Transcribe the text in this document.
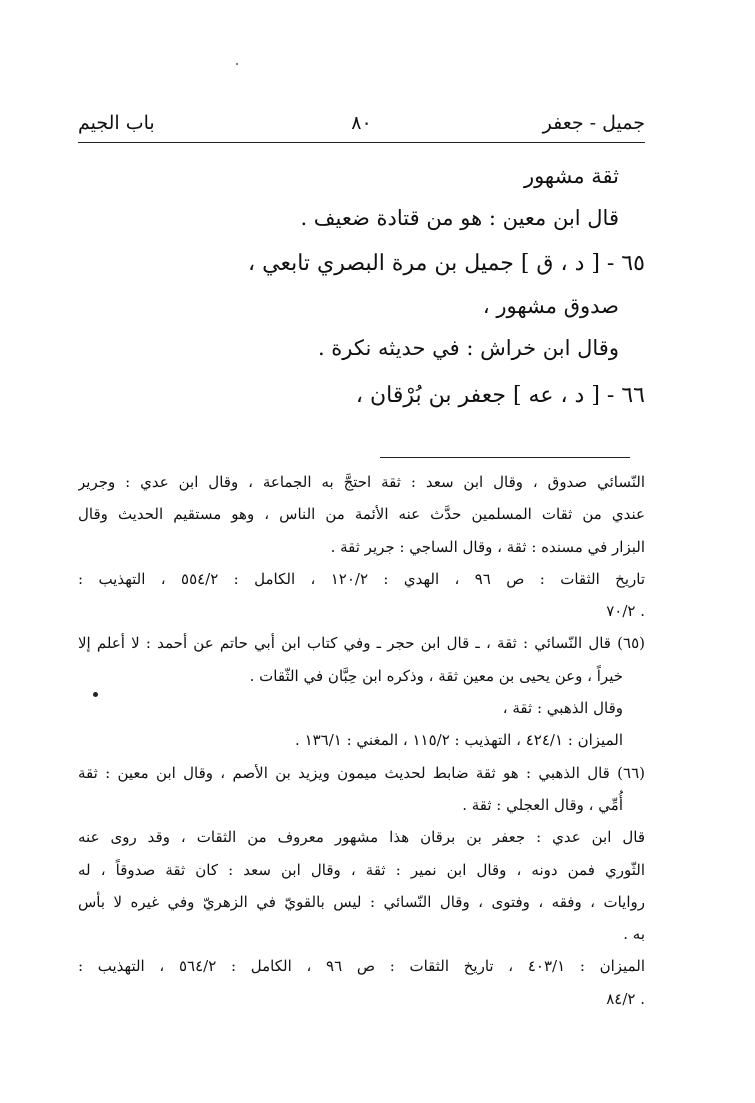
جميل - جعفر
٨٠
باب الجيم
ثقة مشهور
قال ابن معين : هو من قتادة ضعيف .
٦٥ - [ د ، ق ] جميل بن مرة البصري تابعي ،
صدوق مشهور ،
وقال ابن خراش : في حديثه نكرة .
٦٦ - [ د ، عه ] جعفر بن بُرْقان ،
النّسائي صدوق ، وقال ابن سعد : ثقة احتجَّ به الجماعة ، وقال ابن عدي : وجرير
عندي من ثقات المسلمين حدَّث عنه الأئمة من الناس ، وهو مستقيم الحديث وقال
البزار في مسنده : ثقة ، وقال الساجي : جرير ثقة .
تاريخ الثقات : ص ٩٦ ، الهدي : ١٢٠/٢ ، الكامل : ٥٥٤/٢ ، التهذيب :
. ٧٠/٢
(٦٥) قال النّسائي : ثقة ، ـ قال ابن حجر ـ وفي كتاب ابن أبي حاتم عن أحمد : لا أعلم إلا
خيراً ، وعن يحيى بن معين ثقة ، وذكره ابن حِبَّان في الثّقات .
وقال الذهبي : ثقة ،
الميزان : ٤٢٤/١ ، التهذيب : ١١٥/٢ ، المغني : ١٣٦/١ .
(٦٦) قال الذهبي : هو ثقة ضابط لحديث ميمون ويزيد بن الأصم ، وقال ابن معين : ثقة
أُمِّي ، وقال العجلي : ثقة .
قال ابن عدي : جعفر بن برقان هذا مشهور معروف من الثقات ، وقد روى عنه
الثّوري فمن دونه ، وقال ابن نمير : ثقة ، وقال ابن سعد : كان ثقة صدوقاً ، له
روايات ، وفقه ، وفتوى ، وقال النّسائي : ليس بالقويّ في الزهريّ وفي غيره لا بأس
به .
الميزان : ٤٠٣/١ ، تاريخ الثقات : ص ٩٦ ، الكامل : ٥٦٤/٢ ، التهذيب :
. ٨٤/٢
